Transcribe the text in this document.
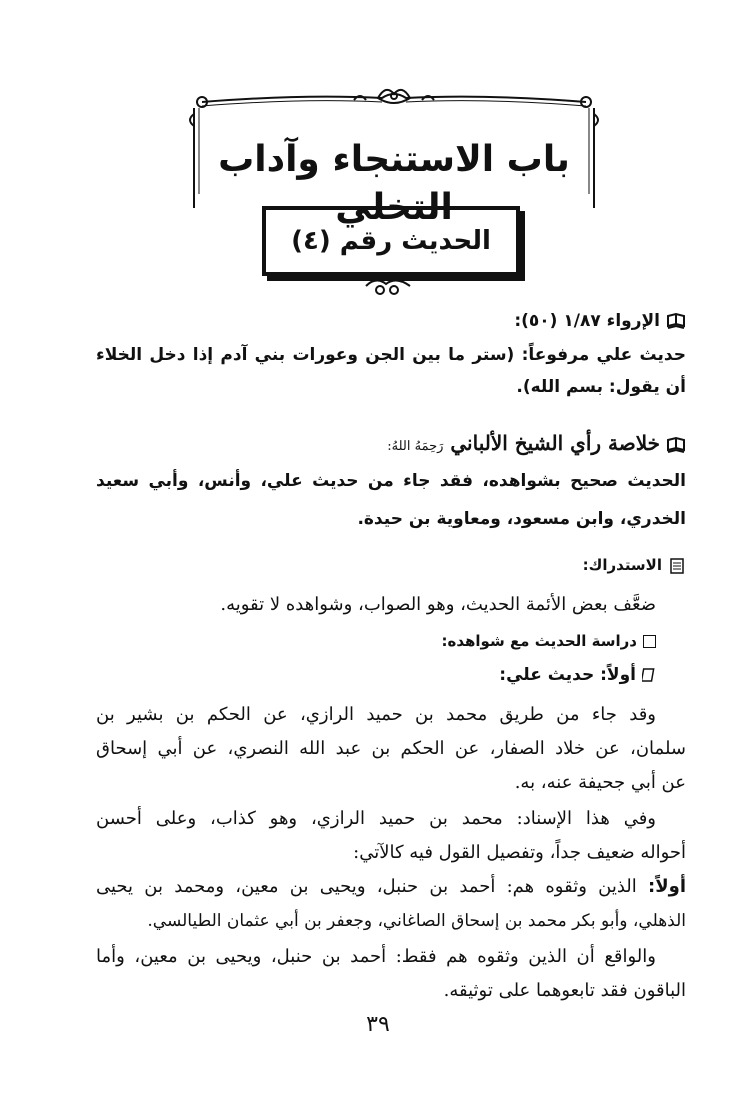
باب الاستنجاء وآداب التخلي
الحديث رقم (٤)
الإرواء ١/٨٧ (٥٠):
حديث علي مرفوعاً: (ستر ما بين الجن وعورات بني آدم إذا دخل الخلاء
أن يقول: بسم الله).
خلاصة رأي الشيخ الألباني رَحِمَهُ اللهُ:
الحديث صحيح بشواهده، فقد جاء من حديث علي، وأنس، وأبي سعيد
الخدري، وابن مسعود، ومعاوية بن حيدة.
الاستدراك:
ضعَّف بعض الأئمة الحديث، وهو الصواب، وشواهده لا تقويه.
دراسة الحديث مع شواهده:
أولاً: حديث علي:
وقد جاء من طريق محمد بن حميد الرازي، عن الحكم بن بشير بن
سلمان، عن خلاد الصفار، عن الحكم بن عبد الله النصري، عن أبي إسحاق
عن أبي جحيفة عنه، به.
وفي هذا الإسناد: محمد بن حميد الرازي، وهو كذاب، وعلى أحسن
أحواله ضعيف جداً، وتفصيل القول فيه كالآتي:
أولاً: الذين وثقوه هم: أحمد بن حنبل، ويحيى بن معين، ومحمد بن يحيى
الذهلي، وأبو بكر محمد بن إسحاق الصاغاني، وجعفر بن أبي عثمان الطيالسي.
والواقع أن الذين وثقوه هم فقط: أحمد بن حنبل، ويحيى بن معين، وأما
الباقون فقد تابعوهما على توثيقه.
٣٩
